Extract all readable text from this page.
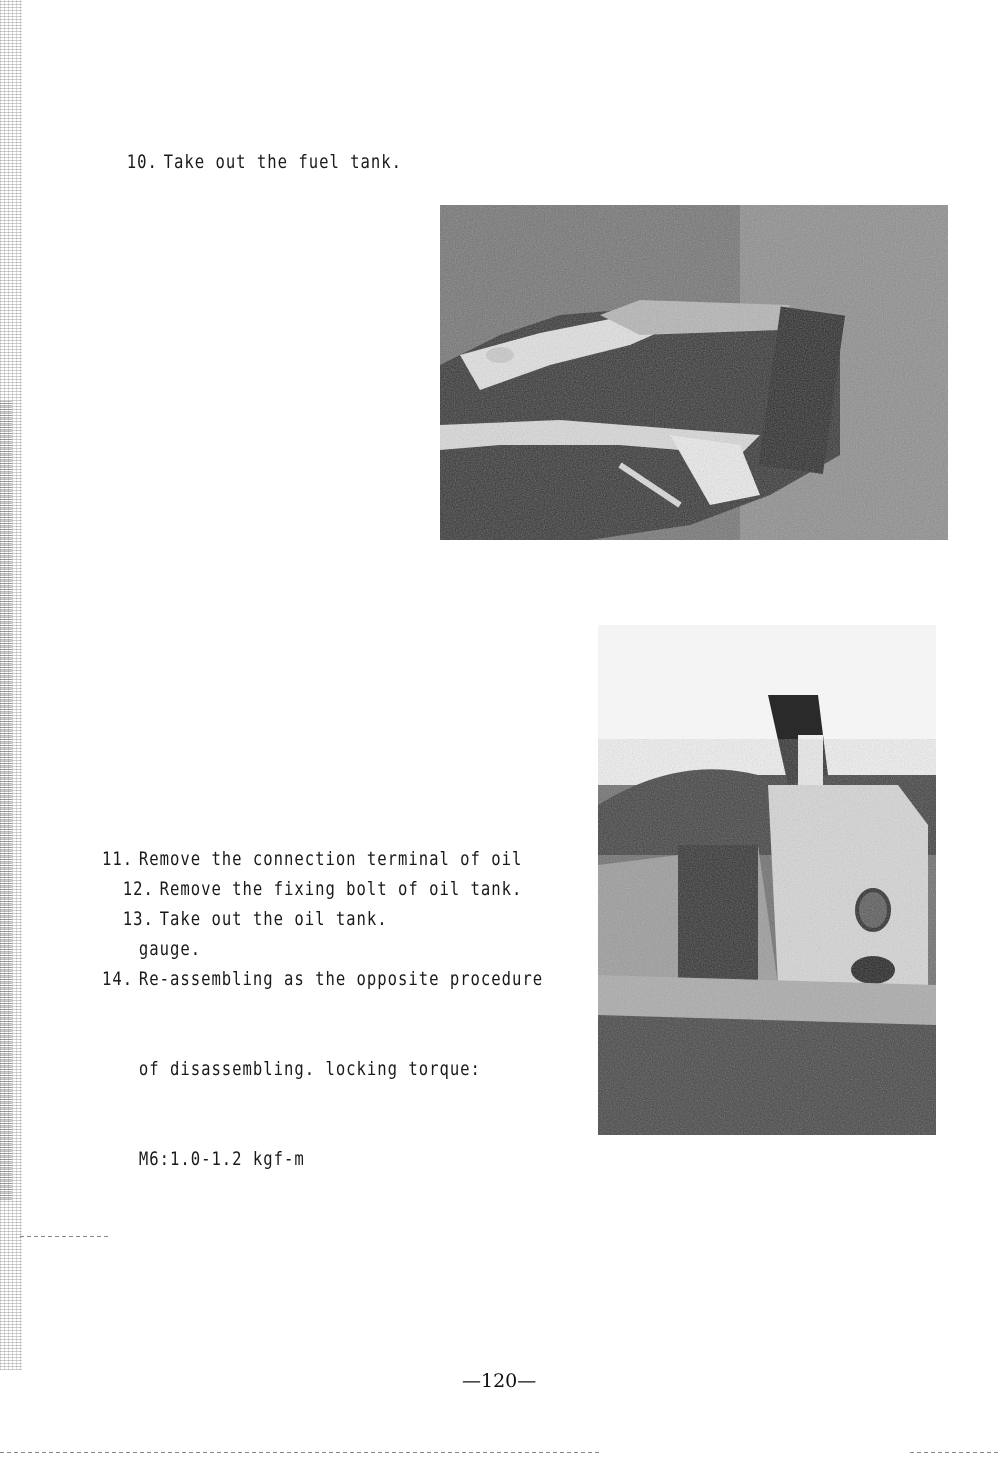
10. Take out the fuel tank.

11. Remove the connection terminal of oil

gauge.

12. Remove the fixing bolt of oil tank.

13. Take out the oil tank.

14. Re-assembling as the opposite procedure

of disassembling. locking torque:

M6:1.0-1.2 kgf-m

—120—
